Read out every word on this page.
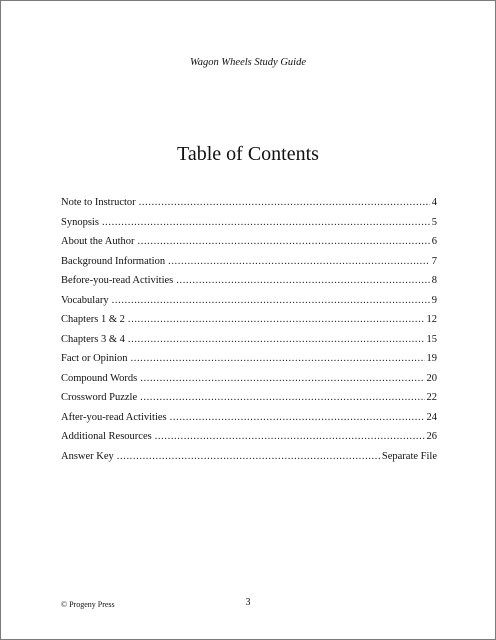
Wagon Wheels Study Guide
Table of Contents
Note to Instructor .....	4
Synopsis .....	5
About the Author .....	6
Background Information .....	7
Before-you-read Activities .....	8
Vocabulary .....	9
Chapters 1 & 2 .....	12
Chapters 3 & 4 .....	15
Fact or Opinion .....	19
Compound Words .....	20
Crossword Puzzle .....	22
After-you-read Activities .....	24
Additional Resources .....	26
Answer Key .....	Separate File
© Progeny Press	3
